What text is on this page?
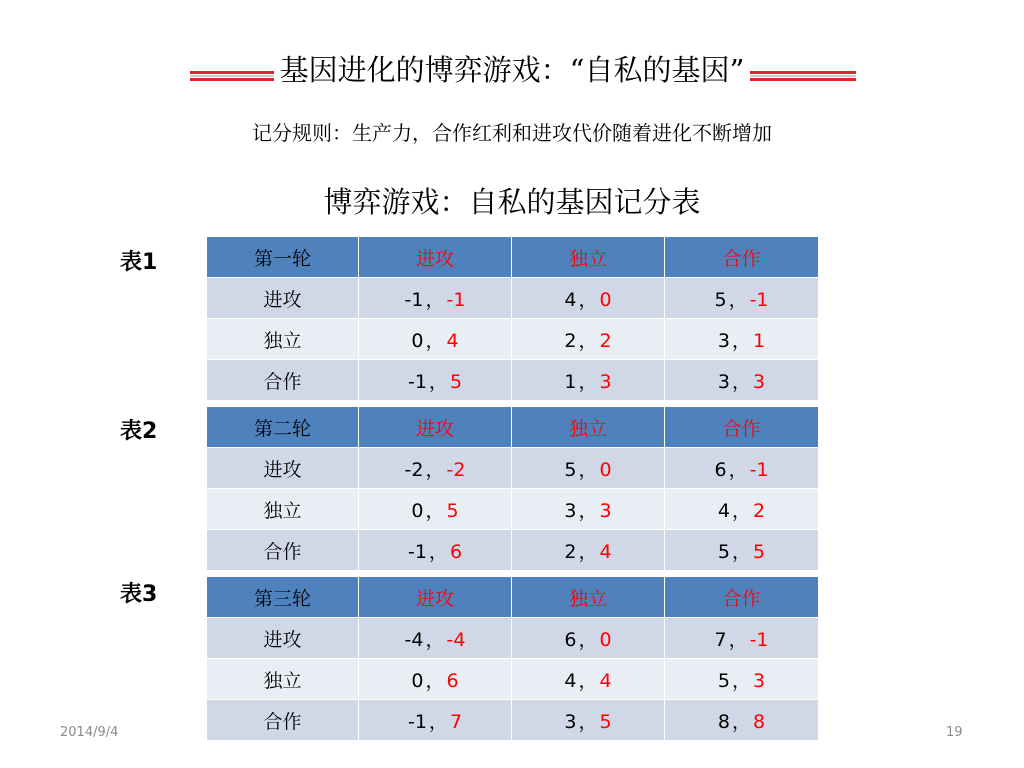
基因进化的博弈游戏：“自私的基因”
记分规则：生产力，合作红利和进攻代价随着进化不断增加
博弈游戏：自私的基因记分表
表1	第一轮	进攻	独立	合作
进攻	-1 ， -1	4 ， 0	5 ， -1
独立	0 ， 4	2 ， 2	3 ， 1
合作	-1 ， 5	1 ， 3	3 ， 3
表2	第二轮	进攻	独立	合作
进攻	-2 ， -2	5 ， 0	6 ， -1
独立	0 ， 5	3 ， 3	4 ， 2
合作	-1 ， 6	2 ， 4	5 ， 5
表3	第三轮	进攻	独立	合作
进攻	-4 ， -4	6 ， 0	7 ， -1
独立	0 ， 6	4 ， 4	5 ， 3
合作	-1 ， 7	3 ， 5	8 ， 8
2014/9/4	19
